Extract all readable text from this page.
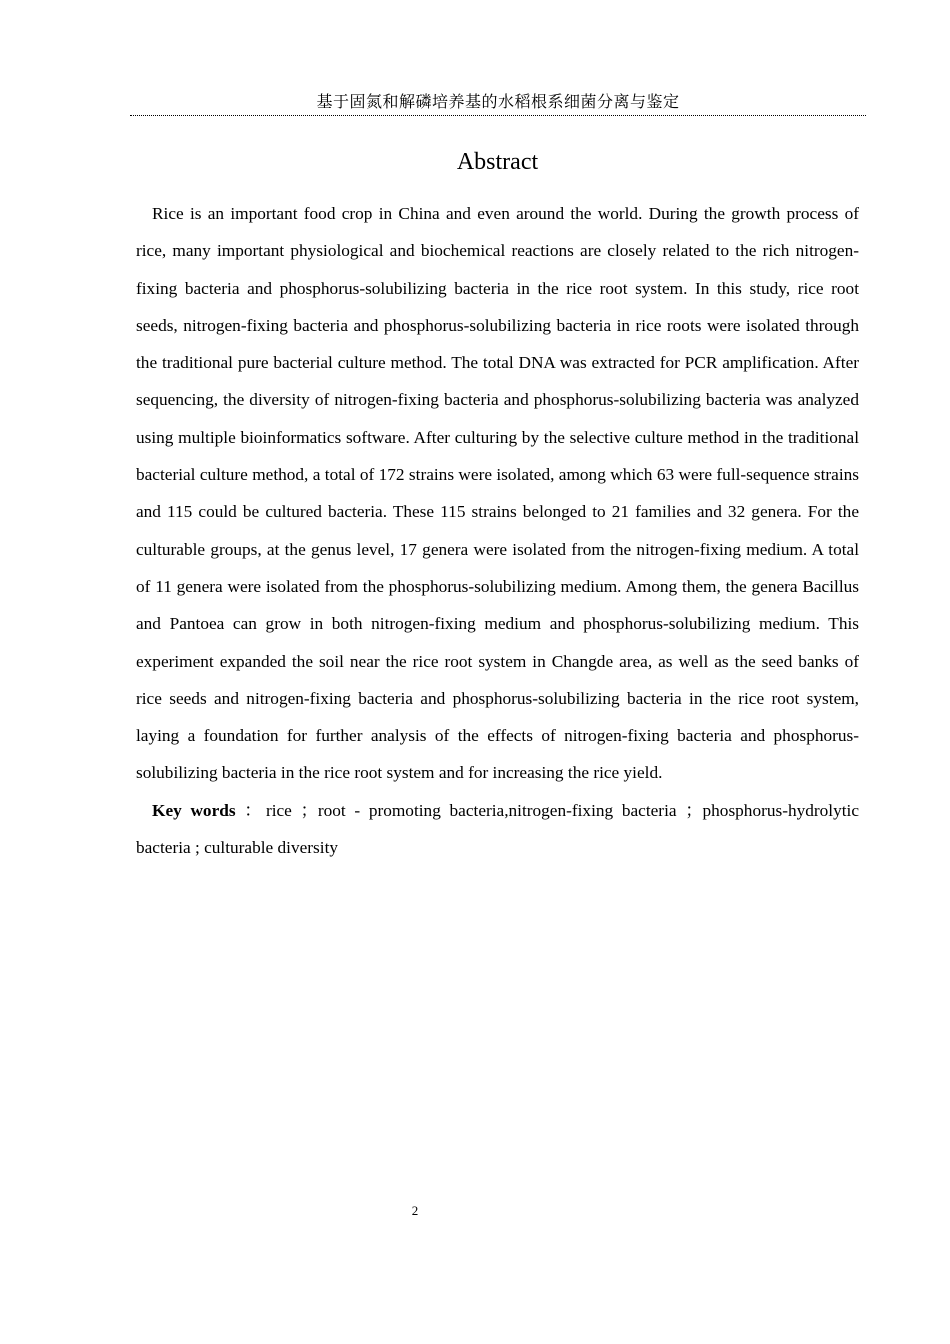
基于固氮和解磷培养基的水稻根系细菌分离与鉴定
Abstract

Rice is an important food crop in China and even around the world. During the growth process of rice, many important physiological and biochemical reactions are closely related to the rich nitrogen-fixing bacteria and phosphorus-solubilizing bacteria in the rice root system. In this study, rice root seeds, nitrogen-fixing bacteria and phosphorus-solubilizing bacteria in rice roots were isolated through the traditional pure bacterial culture method. The total DNA was extracted for PCR amplification. After sequencing, the diversity of nitrogen-fixing bacteria and phosphorus-solubilizing bacteria was analyzed using multiple bioinformatics software. After culturing by the selective culture method in the traditional bacterial culture method, a total of 172 strains were isolated, among which 63 were full-sequence strains and 115 could be cultured bacteria. These 115 strains belonged to 21 families and 32 genera. For the culturable groups, at the genus level, 17 genera were isolated from the nitrogen-fixing medium. A total of 11 genera were isolated from the phosphorus-solubilizing medium. Among them, the genera Bacillus and Pantoea can grow in both nitrogen-fixing medium and phosphorus-solubilizing medium. This experiment expanded the soil near the rice root system in Changde area, as well as the seed banks of rice seeds and nitrogen-fixing bacteria and phosphorus-solubilizing bacteria in the rice root system, laying a foundation for further analysis of the effects of nitrogen-fixing bacteria and phosphorus-solubilizing bacteria in the rice root system and for increasing the rice yield.

Key words ：rice ；root - promoting bacteria,nitrogen-fixing bacteria ；phosphorus-hydrolytic bacteria ; culturable diversity

2
